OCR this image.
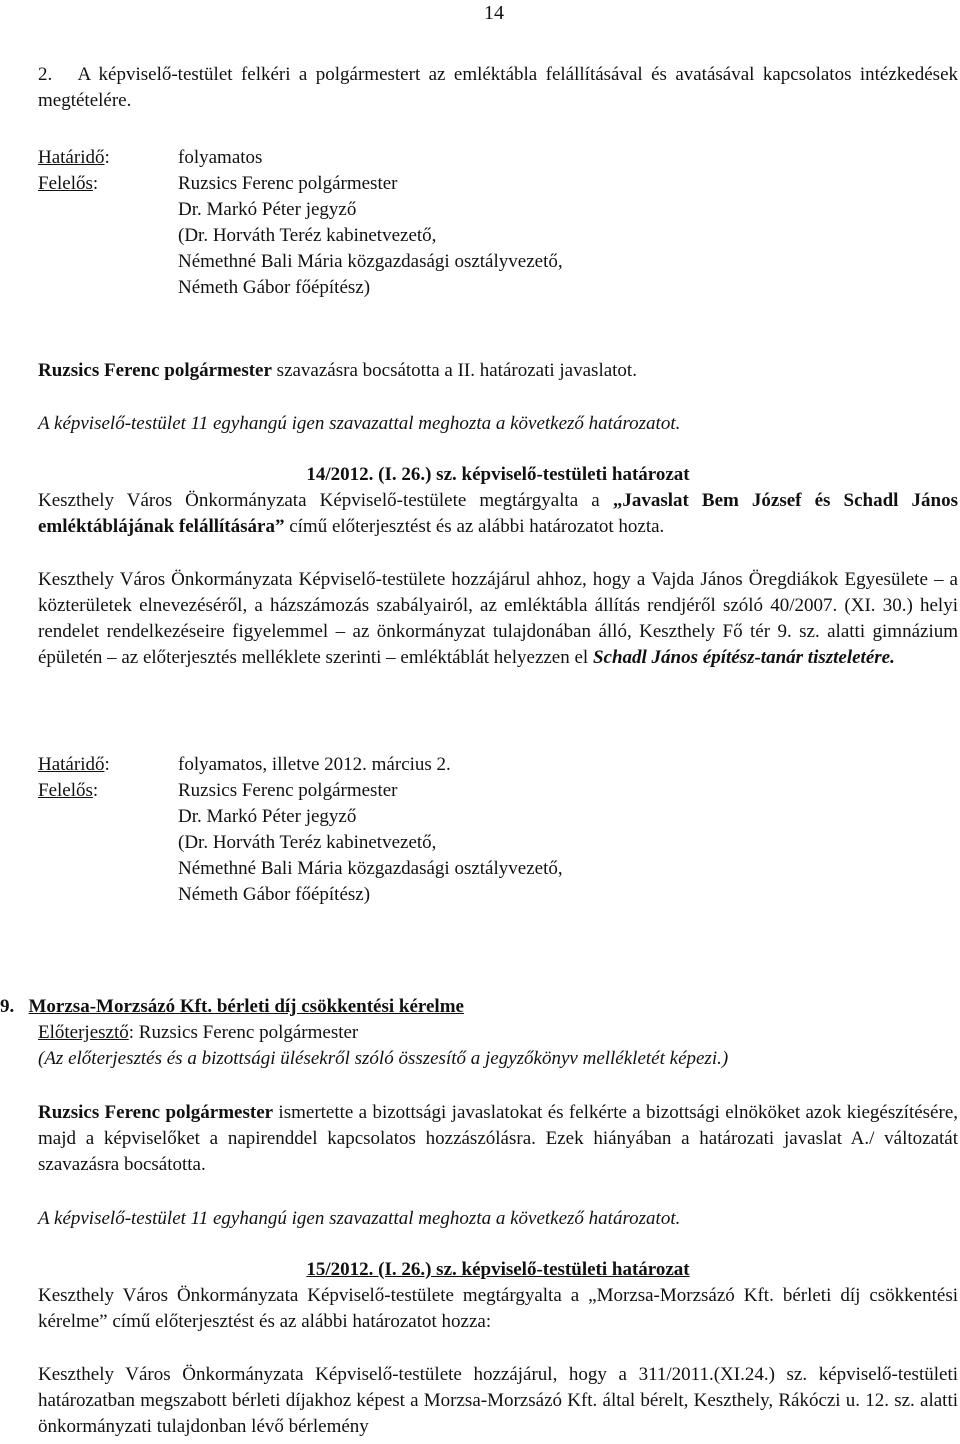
14
2. A képviselő-testület felkéri a polgármestert az emléktábla felállításával és avatásával kapcsolatos intézkedések megtételére.
Határidő:	folyamatos
Felelős:	Ruzsics Ferenc polgármester
Dr. Markó Péter jegyző
(Dr. Horváth Teréz kabinetvezető,
Némethné Bali Mária közgazdasági osztályvezető,
Németh Gábor főépítész)
Ruzsics Ferenc polgármester szavazásra bocsátotta a II. határozati javaslatot.
A képviselő-testület 11 egyhangú igen szavazattal meghozta a következő határozatot.
14/2012. (I. 26.) sz. képviselő-testületi határozat
Keszthely Város Önkormányzata Képviselő-testülete megtárgyalta a „Javaslat Bem József és Schadl János emléktáblájának felállítására” című előterjesztést és az alábbi határozatot hozta.
Keszthely Város Önkormányzata Képviselő-testülete hozzájárul ahhoz, hogy a Vajda János Öregdiákok Egyesülete – a közterületek elnevezéséről, a házszámozás szabályairól, az emléktábla állítás rendjéről szóló 40/2007. (XI. 30.) helyi rendelet rendelkezéseire figyelemmel – az önkormányzat tulajdonában álló, Keszthely Fő tér 9. sz. alatti gimnázium épületén – az előterjesztés melléklete szerinti – emléktáblát helyezzen el Schadl János építész-tanár tiszteletére.
Határidő:	folyamatos, illetve 2012. március 2.
Felelős:	Ruzsics Ferenc polgármester
Dr. Markó Péter jegyző
(Dr. Horváth Teréz kabinetvezető,
Némethné Bali Mária közgazdasági osztályvezető,
Németh Gábor főépítész)
9. Morzsa-Morzsázó Kft. bérleti díj csökkentési kérelme
Előterjesztő: Ruzsics Ferenc polgármester
(Az előterjesztés és a bizottsági ülésekről szóló összesítő a jegyzőkönyv mellékletét képezi.)
Ruzsics Ferenc polgármester ismertette a bizottsági javaslatokat és felkérte a bizottsági elnököket azok kiegészítésére, majd a képviselőket a napirenddel kapcsolatos hozzászólásra. Ezek hiányában a határozati javaslat A./ változatát szavazásra bocsátotta.
A képviselő-testület 11 egyhangú igen szavazattal meghozta a következő határozatot.
15/2012. (I. 26.) sz. képviselő-testületi határozat
Keszthely Város Önkormányzata Képviselő-testülete megtárgyalta a „Morzsa-Morzsázó Kft. bérleti díj csökkentési kérelme” című előterjesztést és az alábbi határozatot hozza:
Keszthely Város Önkormányzata Képviselő-testülete hozzájárul, hogy a 311/2011.(XI.24.) sz. képviselő-testületi határozatban megszabott bérleti díjakhoz képest a Morzsa-Morzsázó Kft. által bérelt, Keszthely, Rákóczi u. 12. sz. alatti önkormányzati tulajdonban lévő bérlemény
